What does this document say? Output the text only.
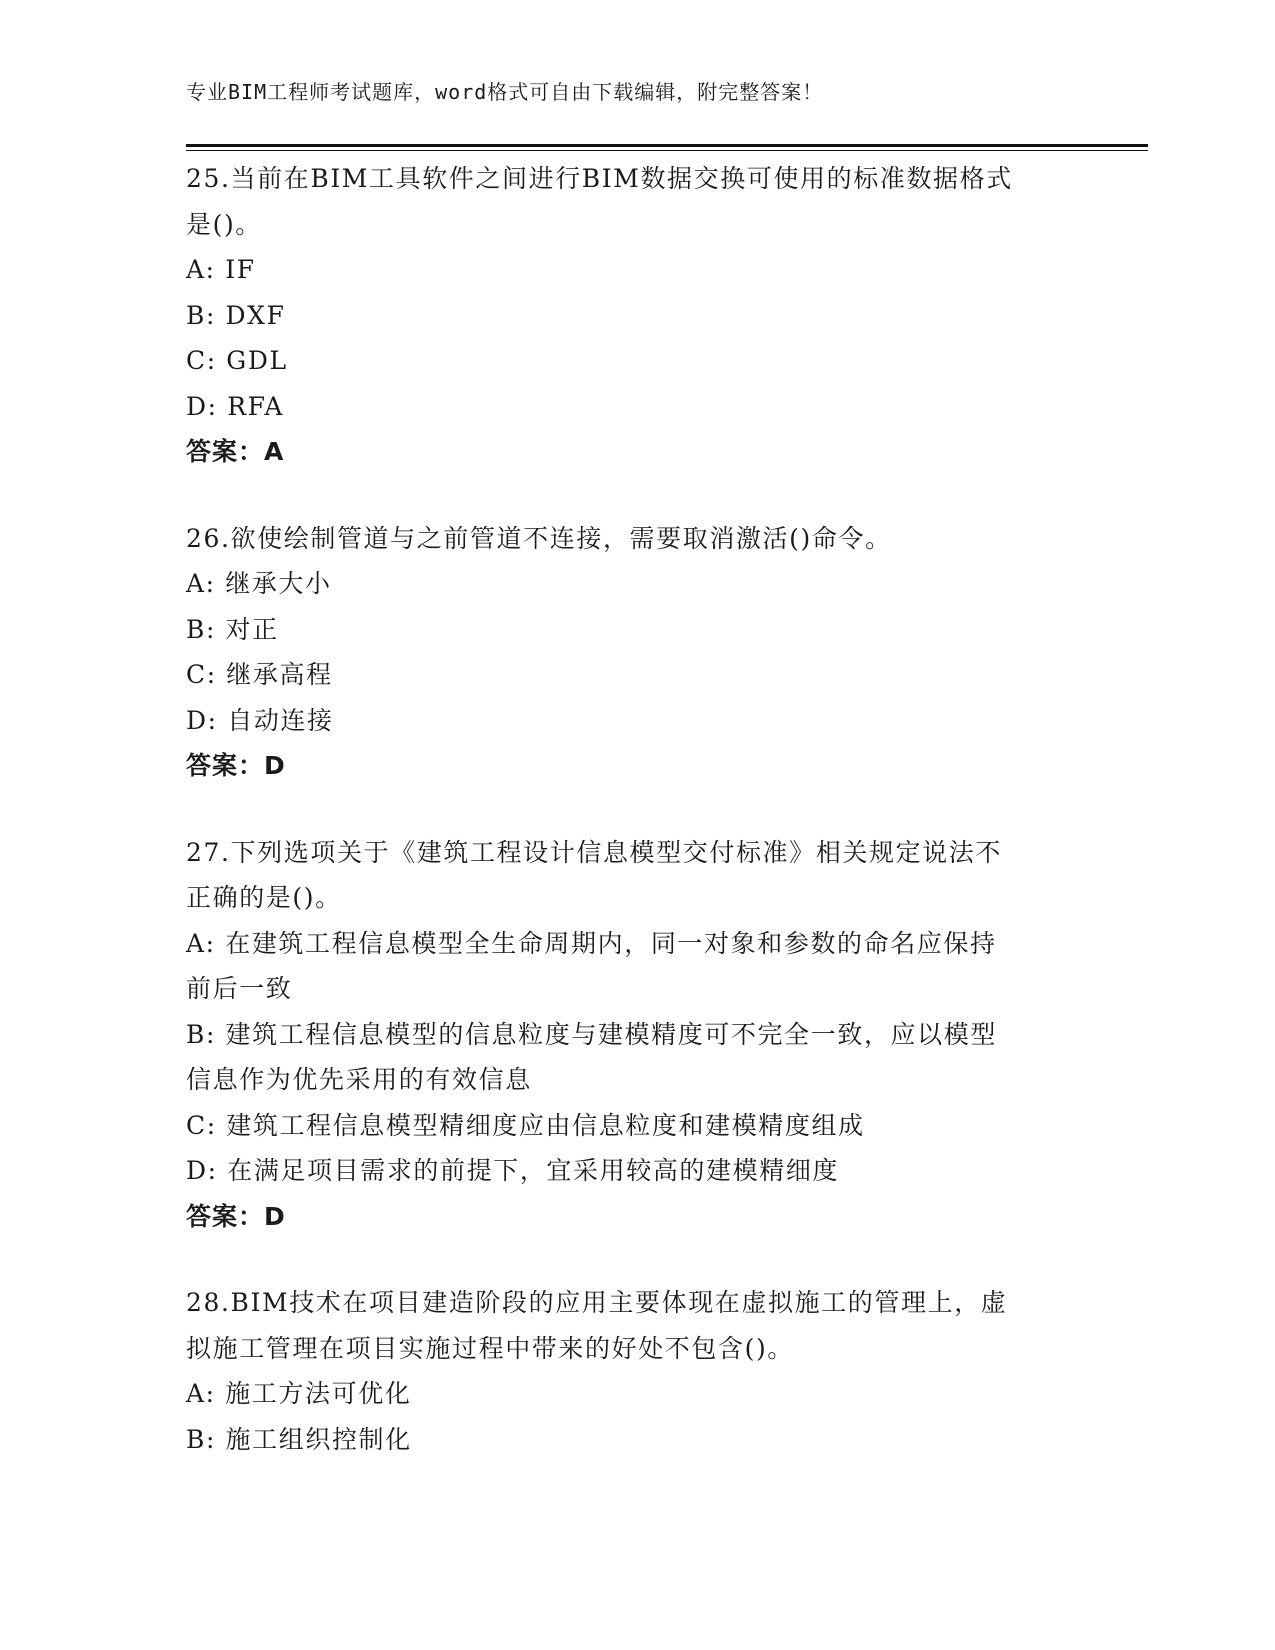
专业BIM工程师考试题库，word格式可自由下载编辑，附完整答案！
25.当前在BIM工具软件之间进行BIM数据交换可使用的标准数据格式
是()。
A: IF
B: DXF
C: GDL
D: RFA
答案：A
26.欲使绘制管道与之前管道不连接，需要取消激活()命令。
A: 继承大小
B: 对正
C: 继承高程
D: 自动连接
答案：D
27.下列选项关于《建筑工程设计信息模型交付标准》相关规定说法不
正确的是()。
A: 在建筑工程信息模型全生命周期内，同一对象和参数的命名应保持
前后一致
B: 建筑工程信息模型的信息粒度与建模精度可不完全一致，应以模型
信息作为优先采用的有效信息
C: 建筑工程信息模型精细度应由信息粒度和建模精度组成
D: 在满足项目需求的前提下，宜采用较高的建模精细度
答案：D
28.BIM技术在项目建造阶段的应用主要体现在虚拟施工的管理上，虚
拟施工管理在项目实施过程中带来的好处不包含()。
A: 施工方法可优化
B: 施工组织控制化
